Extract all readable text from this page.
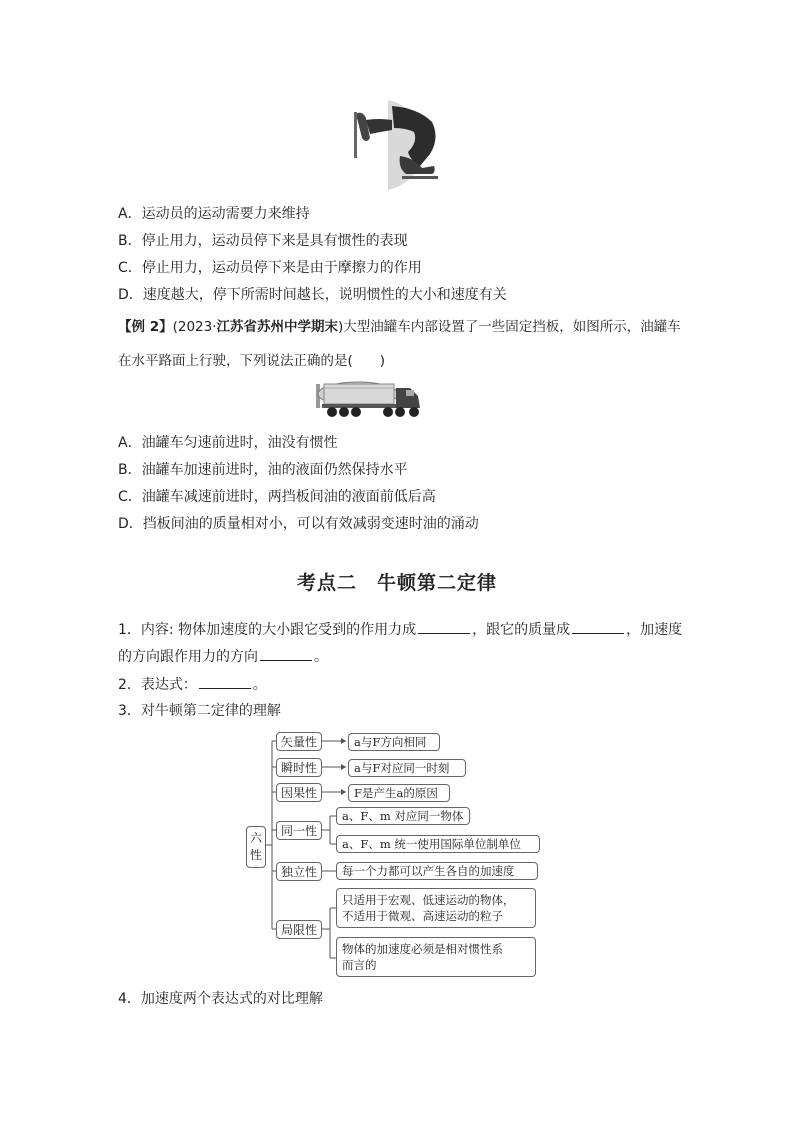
A．运动员的运动需要力来维持
B．停止用力，运动员停下来是具有惯性的表现
C．停止用力，运动员停下来是由于摩擦力的作用
D．速度越大，停下所需时间越长，说明惯性的大小和速度有关
【例 2】(2023·江苏省苏州中学期末)大型油罐车内部设置了一些固定挡板，如图所示，油罐车
在水平路面上行驶，下列说法正确的是(　　)
A．油罐车匀速前进时，油没有惯性
B．油罐车加速前进时，油的液面仍然保持水平
C．油罐车减速前进时，两挡板间油的液面前低后高
D．挡板间油的质量相对小，可以有效减弱变速时油的涌动
考点二　牛顿第二定律
1．内容: 物体加速度的大小跟它受到的作用力成	，跟它的质量成	，加速度
的方向跟作用力的方向	。
2．表达式：	。
3．对牛顿第二定律的理解
六性
矢量性
瞬时性
因果性
同一性
独立性
局限性
a与F方向相同
a与F对应同一时刻
F是产生a的原因
a、F、m 对应同一物体
a、F、m 统一使用国际单位制单位
每一个力都可以产生各自的加速度
只适用于宏观、低速运动的物体，
不适用于微观、高速运动的粒子
物体的加速度必须是相对惯性系
而言的
4．加速度两个表达式的对比理解
